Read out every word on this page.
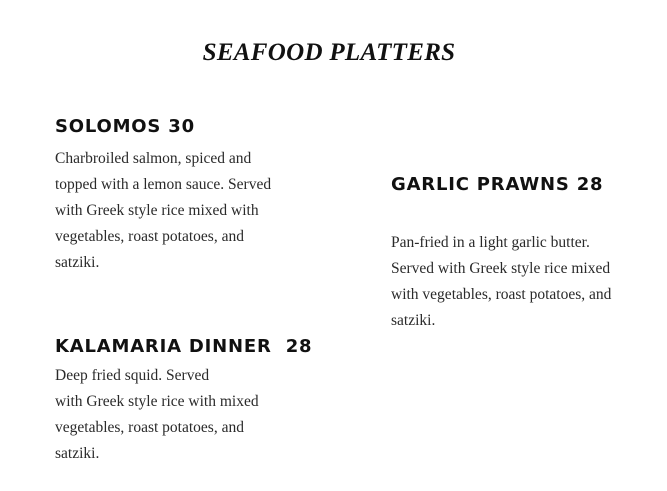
SEAFOOD PLATTERS
SOLOMOS 30
Charbroiled salmon, spiced and
topped with a lemon sauce. Served
with Greek style rice mixed with
vegetables, roast potatoes, and
satziki.
GARLIC PRAWNS 28
Pan-fried in a light garlic butter.
Served with Greek style rice mixed
with vegetables, roast potatoes, and
satziki.
KALAMARIA DINNER  28
Deep fried squid. Served
with Greek style rice with mixed
vegetables, roast potatoes, and
satziki.
